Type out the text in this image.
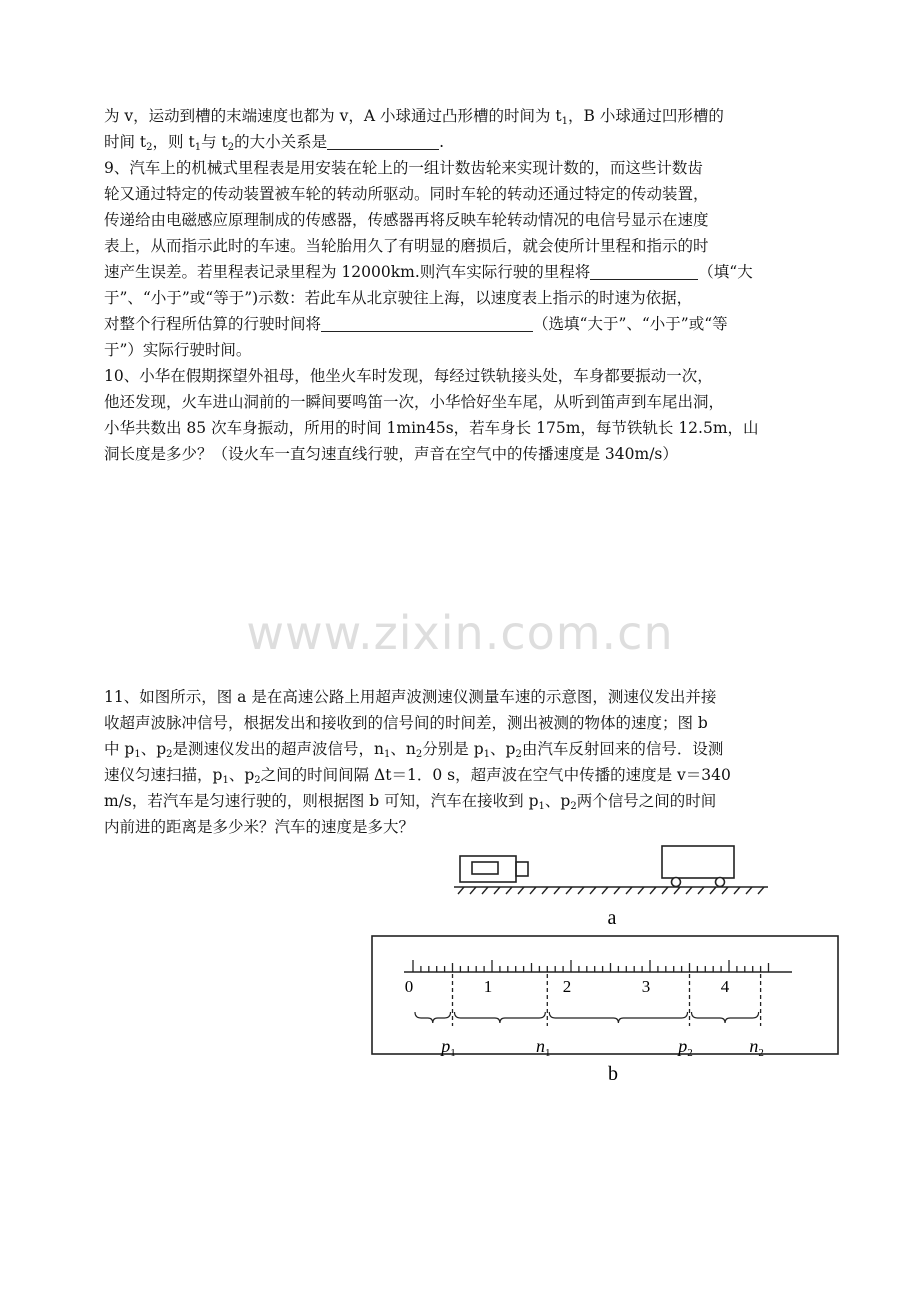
为 v，运动到槽的末端速度也都为 v，A 小球通过凸形槽的时间为 $t_1$，B 小球通过凹形槽的
时间 $t_2$，则 $t_1$与 $t_2$的大小关系是	.
9、汽车上的机械式里程表是用安装在轮上的一组计数齿轮来实现计数的，而这些计数齿
轮又通过特定的传动装置被车轮的转动所驱动。同时车轮的转动还通过特定的传动装置，
传递给由电磁感应原理制成的传感器，传感器再将反映车轮转动情况的电信号显示在速度
表上，从而指示此时的车速。当轮胎用久了有明显的磨损后，就会使所计里程和指示的时
速产生误差。若里程表记录里程为 12000km.则汽车实际行驶的里程将	（填“大
于”、“小于”或“等于”)示数：若此车从北京驶往上海，以速度表上指示的时速为依据，
对整个行程所估算的行驶时间将	（选填“大于”、“小于”或“等
于”）实际行驶时间。
10、小华在假期探望外祖母，他坐火车时发现，每经过铁轨接头处，车身都要振动一次，
他还发现，火车进山洞前的一瞬间要鸣笛一次，小华恰好坐车尾，从听到笛声到车尾出洞，
小华共数出 85 次车身振动，所用的时间 1min45s，若车身长 175m，每节铁轨长 12.5m，山
洞长度是多少？（设火车一直匀速直线行驶，声音在空气中的传播速度是 340m/s）
www.zixin.com.cn
11、如图所示，图 a 是在高速公路上用超声波测速仪测量车速的示意图，测速仪发出并接
收超声波脉冲信号，根据发出和接收到的信号间的时间差，测出被测的物体的速度；图 b
中 $p_1$、$p_2$是测速仪发出的超声波信号，$n_1$、$n_2$分别是 $p_1$、$p_2$由汽车反射回来的信号．设测
速仪匀速扫描，$p_1$、$p_2$之间的时间间隔 Δt＝1．0 s，超声波在空气中传播的速度是 v＝340
m/s，若汽车是匀速行驶的，则根据图 b 可知，汽车在接收到 $p_1$、$p_2$两个信号之间的时间
内前进的距离是多少米？汽车的速度是多大？
a
0	1	2	3	4
$p_1$	$n_1$	$p_2$	$n_2$
b
